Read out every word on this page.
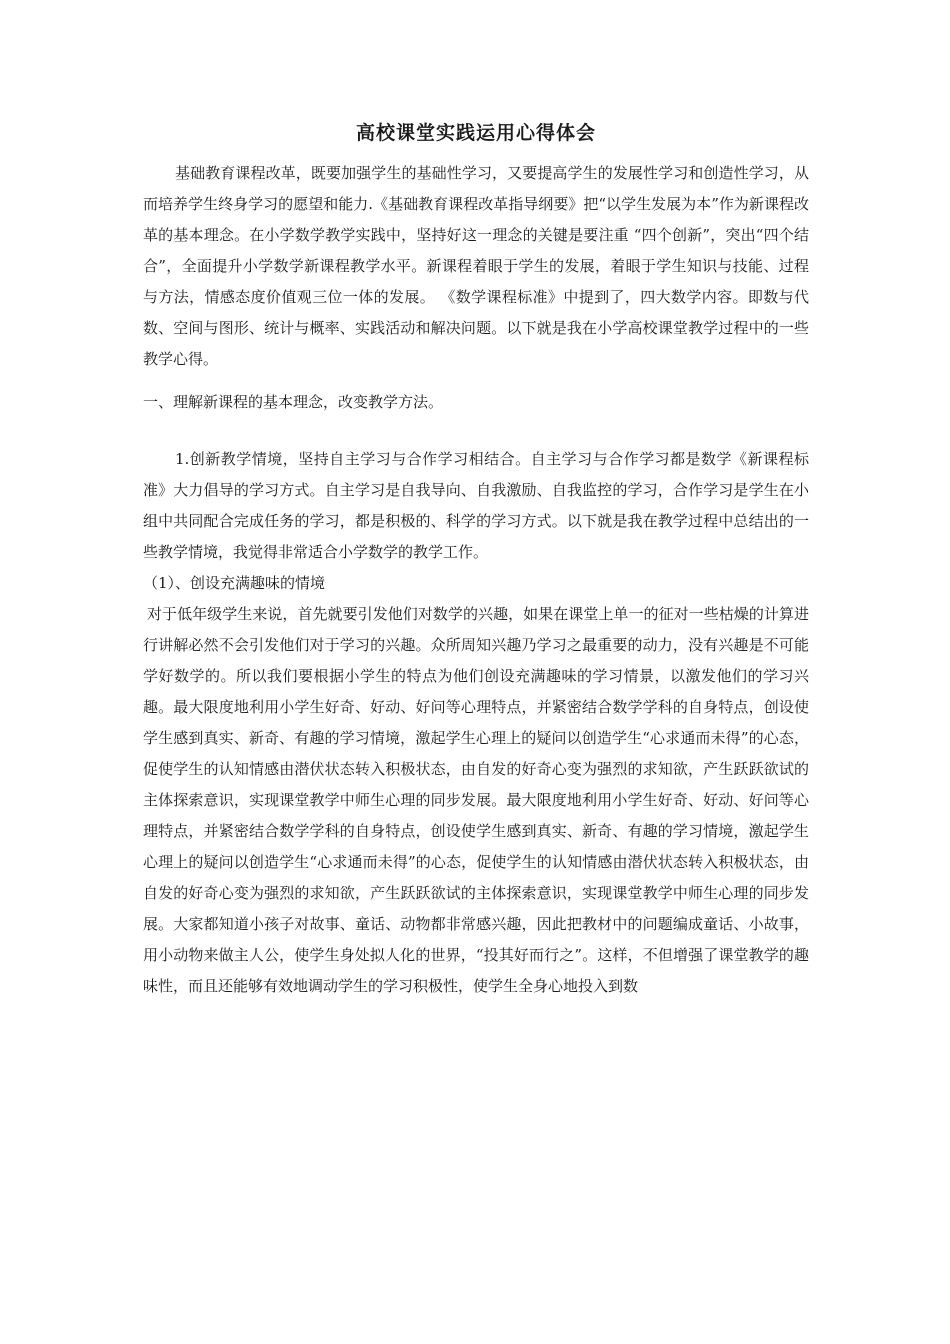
高校课堂实践运用心得体会

基础教育课程改革，既要加强学生的基础性学习，又要提高学生的发展性学习和创造性学习，从而培养学生终身学习的愿望和能力.《基础教育课程改革指导纲要》把“以学生发展为本”作为新课程改革的基本理念。在小学数学教学实践中，坚持好这一理念的关键是要注重 “四个创新”，突出“四个结合”，全面提升小学数学新课程教学水平。新课程着眼于学生的发展，着眼于学生知识与技能、过程与方法，情感态度价值观三位一体的发展。 《数学课程标准》中提到了，四大数学内容。即数与代数、空间与图形、统计与概率、实践活动和解决问题。以下就是我在小学高校课堂教学过程中的一些教学心得。

一、理解新课程的基本理念，改变教学方法。

1.创新教学情境，坚持自主学习与合作学习相结合。自主学习与合作学习都是数学《新课程标准》大力倡导的学习方式。自主学习是自我导向、自我激励、自我监控的学习，合作学习是学生在小组中共同配合完成任务的学习，都是积极的、科学的学习方式。以下就是我在教学过程中总结出的一些教学情境，我觉得非常适合小学数学的教学工作。

（1）、创设充满趣味的情境

对于低年级学生来说，首先就要引发他们对数学的兴趣，如果在课堂上单一的征对一些枯燥的计算进行讲解必然不会引发他们对于学习的兴趣。众所周知兴趣乃学习之最重要的动力，没有兴趣是不可能学好数学的。所以我们要根据小学生的特点为他们创设充满趣味的学习情景，以激发他们的学习兴趣。最大限度地利用小学生好奇、好动、好问等心理特点，并紧密结合数学学科的自身特点，创设使学生感到真实、新奇、有趣的学习情境，激起学生心理上的疑问以创造学生“心求通而未得”的心态，促使学生的认知情感由潜伏状态转入积极状态，由自发的好奇心变为强烈的求知欲，产生跃跃欲试的主体探索意识，实现课堂教学中师生心理的同步发展。最大限度地利用小学生好奇、好动、好问等心理特点，并紧密结合数学学科的自身特点，创设使学生感到真实、新奇、有趣的学习情境，激起学生心理上的疑问以创造学生“心求通而未得”的心态，促使学生的认知情感由潜伏状态转入积极状态，由自发的好奇心变为强烈的求知欲，产生跃跃欲试的主体探索意识，实现课堂教学中师生心理的同步发展。大家都知道小孩子对故事、童话、动物都非常感兴趣，因此把教材中的问题编成童话、小故事，用小动物来做主人公，使学生身处拟人化的世界，“投其好而行之”。这样，不但增强了课堂教学的趣味性，而且还能够有效地调动学生的学习积极性，使学生全身心地投入到数
